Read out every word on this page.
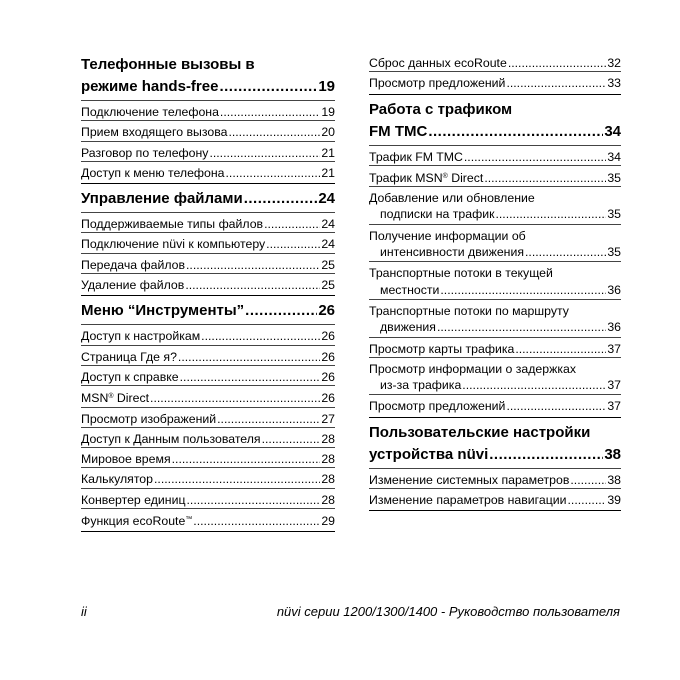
Телефонные вызовы в
режиме hands-free .....	19
Подключение телефона .....	19
Прием входящего вызова .....	20
Разговор по телефону .....	21
Доступ к меню телефона .....	21
Управление файлами .....	24
Поддерживаемые типы файлов .....	24
Подключение nüvi к компьютеру .....	24
Передача файлов .....	25
Удаление файлов .....	25
Меню “Инструменты” .....	26
Доступ к настройкам .....	26
Страница Где я? .....	26
Доступ к справке .....	26
MSN® Direct .....	26
Просмотр изображений .....	27
Доступ к Данным пользователя .....	28
Мировое время .....	28
Калькулятор .....	28
Конвертер единиц .....	28
Функция ecoRoute™ .....	29
Сброс данных ecoRoute .....	32
Просмотр предложений .....	33
Работа с трафиком
FM TMC .....	34
Трафик FM TMC .....	34
Трафик MSN® Direct .....	35
Добавление или обновление
подписки на трафик .....	35
Получение информации об
интенсивности движения .....	35
Транспортные потоки в текущей
местности .....	36
Транспортные потоки по маршруту
движения .....	36
Просмотр карты трафика .....	37
Просмотр информации о задержках
из-за трафика .....	37
Просмотр предложений .....	37
Пользовательские настройки
устройства nüvi .....	38
Изменение системных параметров .....	38
Изменение параметров навигации .....	39
ii	nüvi серии 1200/1300/1400 - Руководство пользователя
